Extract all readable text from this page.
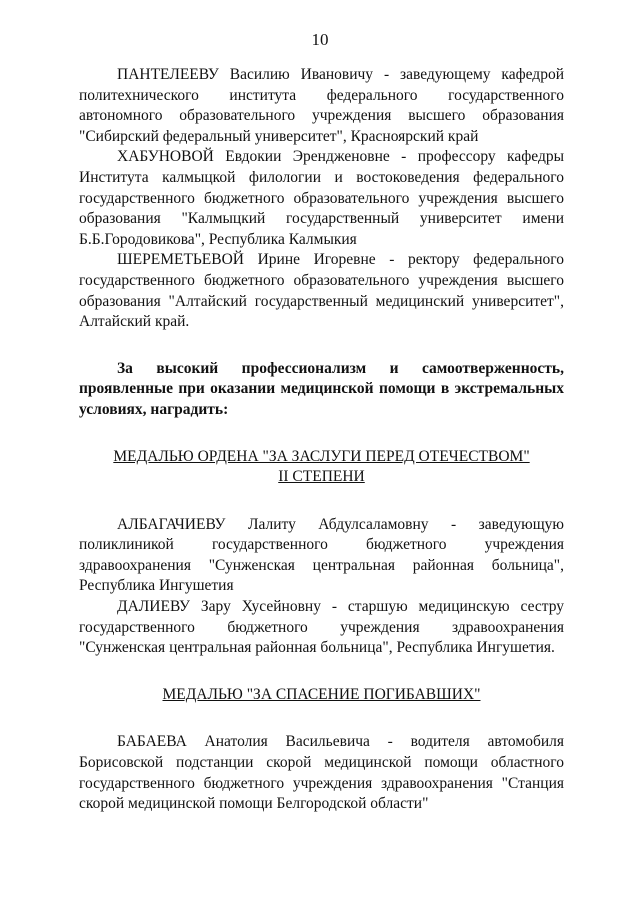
10

ПАНТЕЛЕЕВУ Василию Ивановичу - заведующему кафедрой политехнического института федерального государственного автономного образовательного учреждения высшего образования "Сибирский федеральный университет", Красноярский край

ХАБУНОВОЙ Евдокии Эрендженовне - профессору кафедры Института калмыцкой филологии и востоковедения федерального государственного бюджетного образовательного учреждения высшего образования "Калмыцкий государственный университет имени Б.Б.Городовикова", Республика Калмыкия

ШЕРЕМЕТЬЕВОЙ Ирине Игоревне - ректору федерального государственного бюджетного образовательного учреждения высшего образования "Алтайский государственный медицинский университет", Алтайский край.

За высокий профессионализм и самоотверженность, проявленные при оказании медицинской помощи в экстремальных условиях, наградить:

МЕДАЛЬЮ ОРДЕНА "ЗА ЗАСЛУГИ ПЕРЕД ОТЕЧЕСТВОМ"
II СТЕПЕНИ

АЛБАГАЧИЕВУ Лалиту Абдулсаламовну - заведующую поликлиникой государственного бюджетного учреждения здравоохранения "Сунженская центральная районная больница", Республика Ингушетия

ДАЛИЕВУ Зару Хусейновну - старшую медицинскую сестру государственного бюджетного учреждения здравоохранения "Сунженская центральная районная больница", Республика Ингушетия.

МЕДАЛЬЮ "ЗА СПАСЕНИЕ ПОГИБАВШИХ"

БАБАЕВА Анатолия Васильевича - водителя автомобиля Борисовской подстанции скорой медицинской помощи областного государственного бюджетного учреждения здравоохранения "Станция скорой медицинской помощи Белгородской области"
